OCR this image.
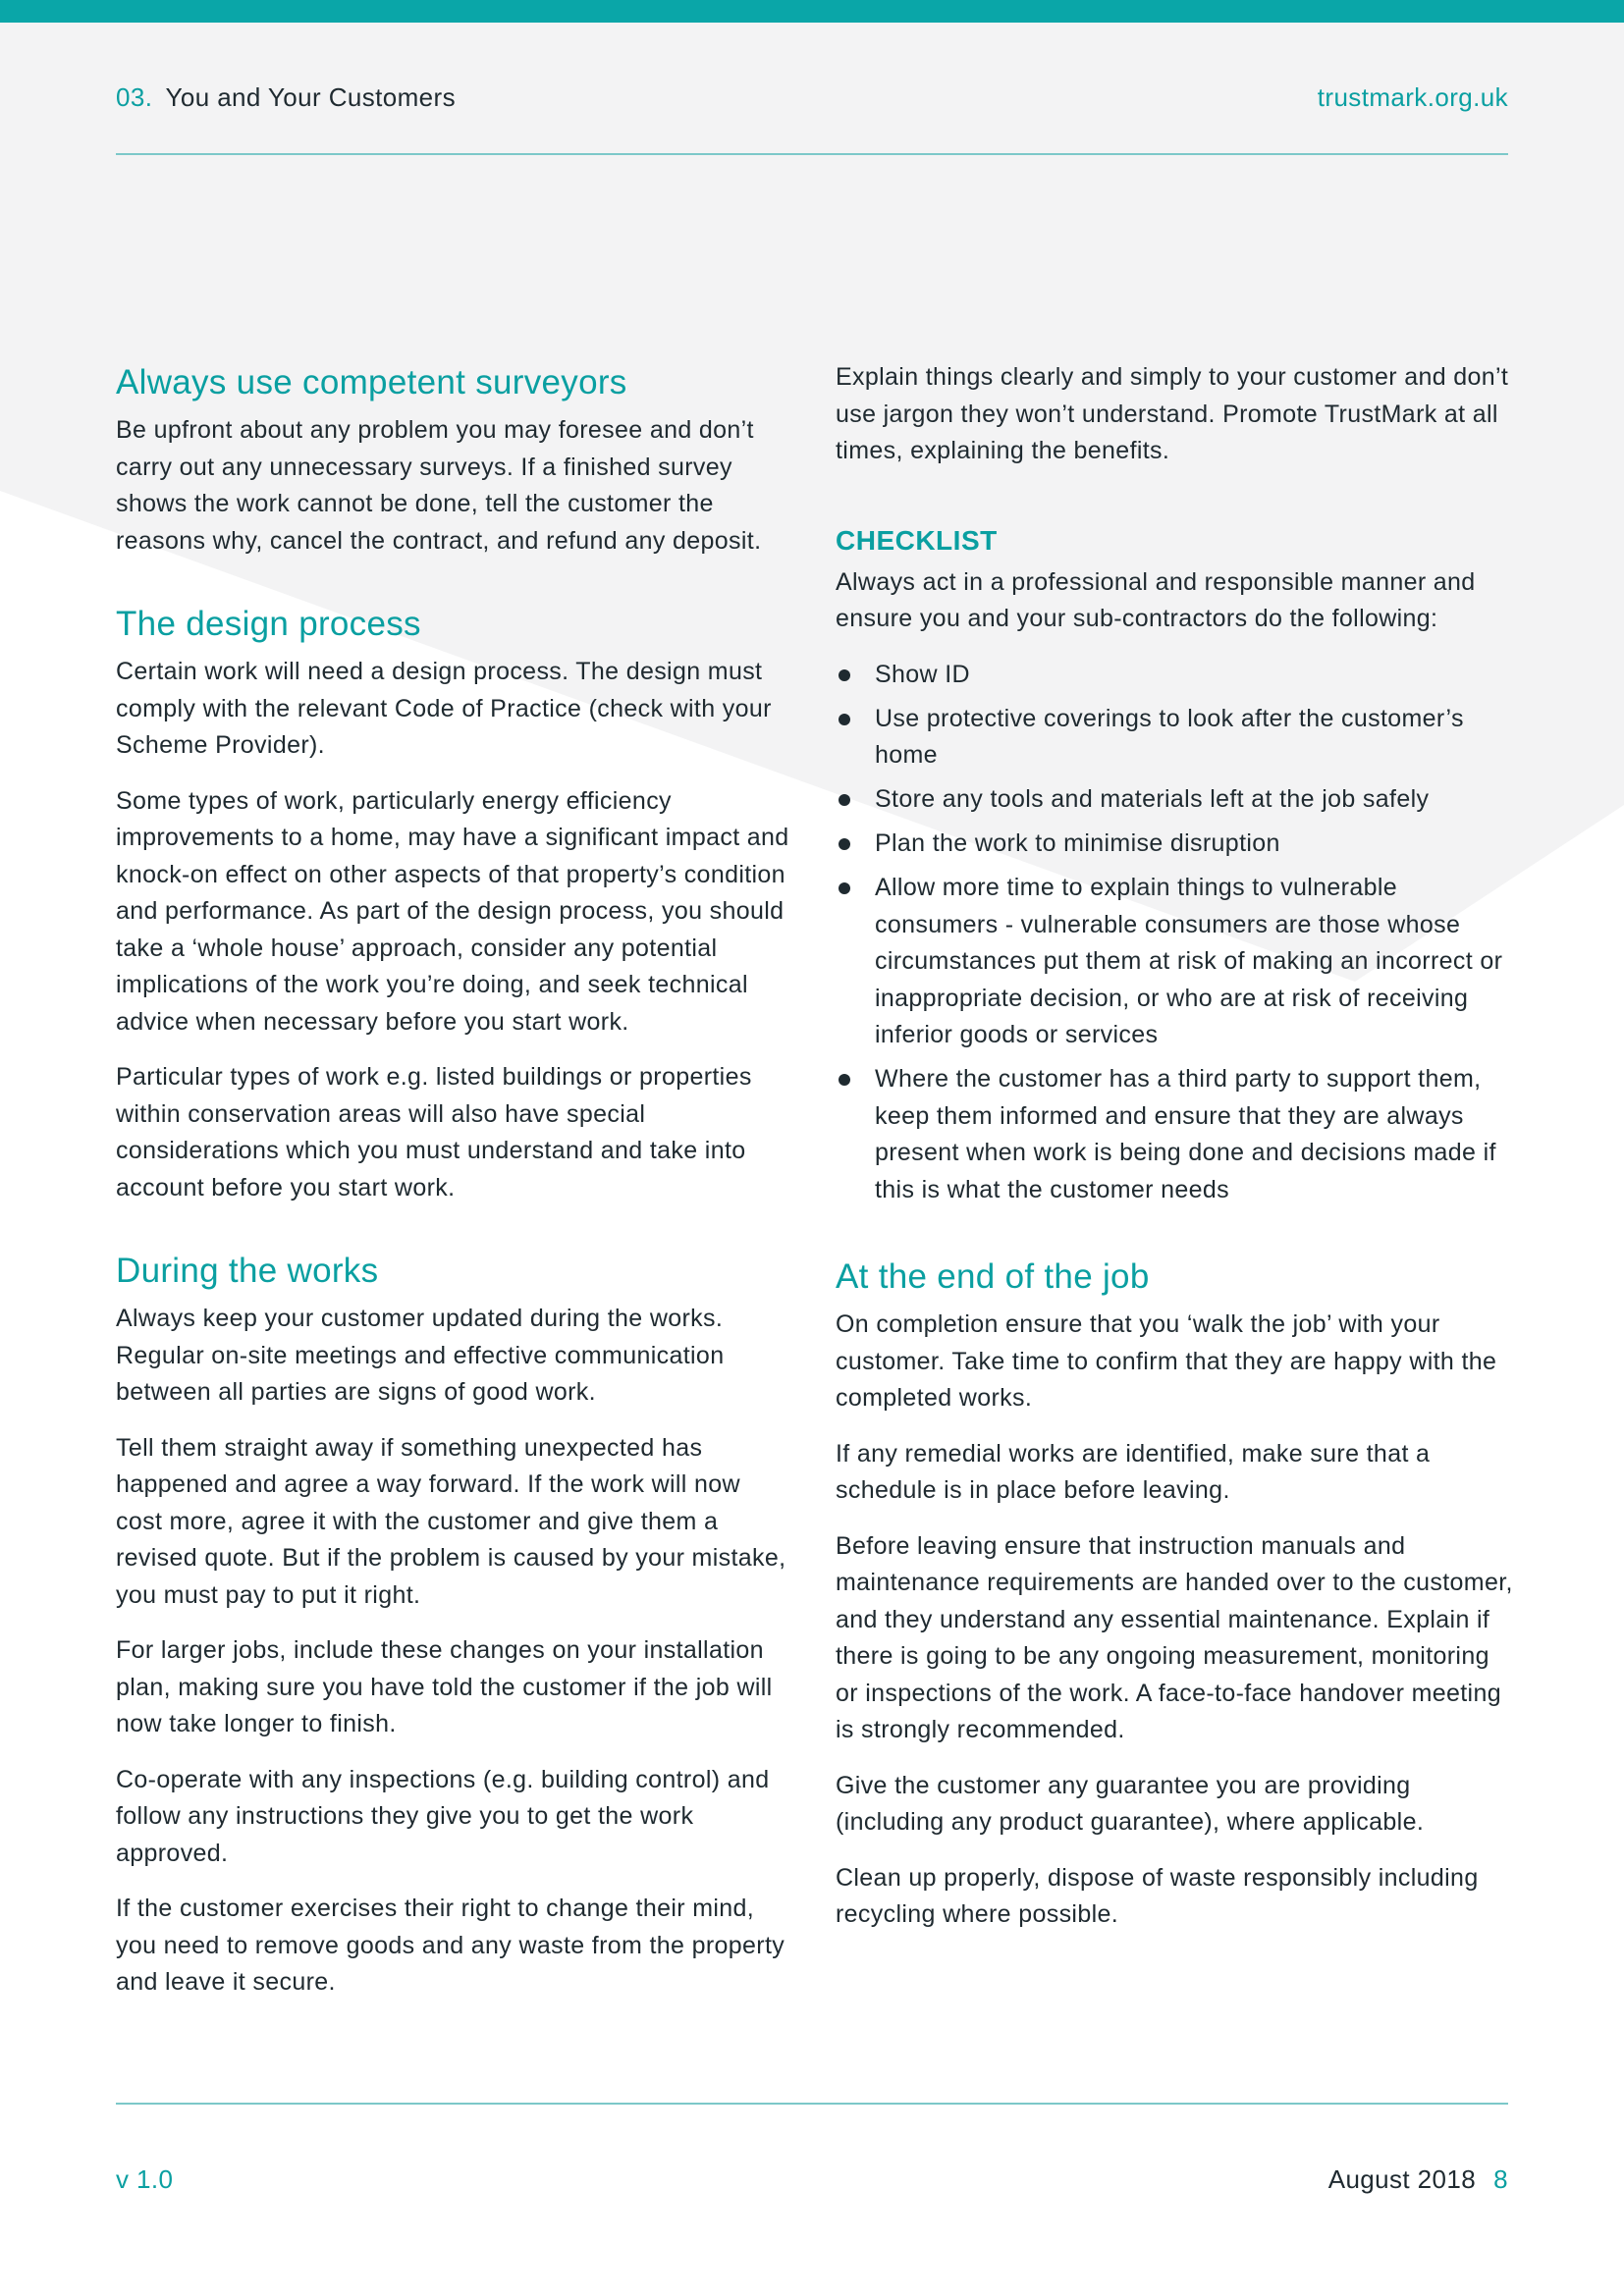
03. You and Your Customers	trustmark.org.uk
Always use competent surveyors

Be upfront about any problem you may foresee and don’t carry out any unnecessary surveys. If a finished survey shows the work cannot be done, tell the customer the reasons why, cancel the contract, and refund any deposit.

The design process

Certain work will need a design process. The design must comply with the relevant Code of Practice (check with your Scheme Provider).

Some types of work, particularly energy efficiency improvements to a home, may have a significant impact and knock-on effect on other aspects of that property’s condition and performance. As part of the design process, you should take a ‘whole house’ approach, consider any potential implications of the work you’re doing, and seek technical advice when necessary before you start work.

Particular types of work e.g. listed buildings or properties within conservation areas will also have special considerations which you must understand and take into account before you start work.

During the works

Always keep your customer updated during the works. Regular on-site meetings and effective communication between all parties are signs of good work.

Tell them straight away if something unexpected has happened and agree a way forward. If the work will now cost more, agree it with the customer and give them a revised quote. But if the problem is caused by your mistake, you must pay to put it right.

For larger jobs, include these changes on your installation plan, making sure you have told the customer if the job will now take longer to finish.

Co-operate with any inspections (e.g. building control) and follow any instructions they give you to get the work approved.

If the customer exercises their right to change their mind, you need to remove goods and any waste from the property and leave it secure.

Explain things clearly and simply to your customer and don’t use jargon they won’t understand. Promote TrustMark at all times, explaining the benefits.

CHECKLIST

Always act in a professional and responsible manner and ensure you and your sub-contractors do the following:

Show ID
Use protective coverings to look after the customer’s home
Store any tools and materials left at the job safely
Plan the work to minimise disruption
Allow more time to explain things to vulnerable consumers - vulnerable consumers are those whose circumstances put them at risk of making an incorrect or inappropriate decision, or who are at risk of receiving inferior goods or services
Where the customer has a third party to support them, keep them informed and ensure that they are always present when work is being done and decisions made if this is what the customer needs
At the end of the job

On completion ensure that you ‘walk the job’ with your customer. Take time to confirm that they are happy with the completed works.

If any remedial works are identified, make sure that a schedule is in place before leaving.

Before leaving ensure that instruction manuals and maintenance requirements are handed over to the customer, and they understand any essential maintenance. Explain if there is going to be any ongoing measurement, monitoring or inspections of the work. A face-to-face handover meeting is strongly recommended.

Give the customer any guarantee you are providing (including any product guarantee), where applicable.

Clean up properly, dispose of waste responsibly including recycling where possible.

v 1.0	August 2018 8
